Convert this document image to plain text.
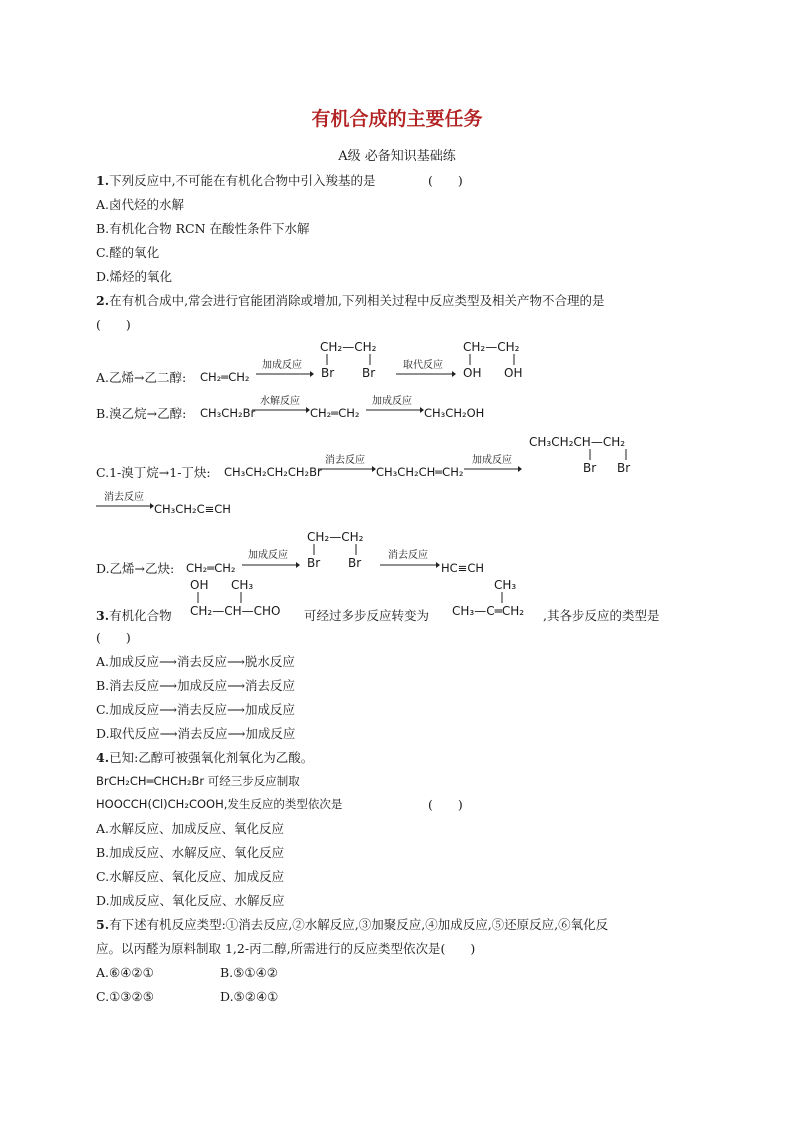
有机合成的主要任务
A级 必备知识基础练
1.下列反应中,不可能在有机化合物中引入羧基的是	(　　)
A.卤代烃的水解
B.有机化合物 RCN 在酸性条件下水解
C.醛的氧化
D.烯烃的氧化
2.在有机合成中,常会进行官能团消除或增加,下列相关过程中反应类型及相关产物不合理的是
(　　)
A.乙烯→乙二醇: CH₂═CH₂
加成反应
CH₂—CH₂
Br Br
取代反应
CH₂—CH₂
OH OH
B.溴乙烷→乙醇: CH₃CH₂Br
水解反应
CH₂═CH₂
加成反应
CH₃CH₂OH
CH₃CH₂CH—CH₂
Br Br
C.1-溴丁烷→1-丁炔: CH₃CH₂CH₂CH₂Br
消去反应
CH₃CH₂CH═CH₂
加成反应
消去反应
CH₃CH₂C≡CH
CH₂—CH₂
Br Br
D.乙烯→乙炔: CH₂═CH₂
加成反应	消去反应
HC≡CH
OH CH₃
CH₂—CH—CHO
CH₃
CH₃—C═CH₂
3.有机化合物	可经过多步反应转变为	,其各步反应的类型是
(　　)
A.加成反应⟶消去反应⟶脱水反应
B.消去反应⟶加成反应⟶消去反应
C.加成反应⟶消去反应⟶加成反应
D.取代反应⟶消去反应⟶加成反应
4.已知:乙醇可被强氧化剂氧化为乙酸。
BrCH₂CH═CHCH₂Br 可经三步反应制取
HOOCCH(Cl)CH₂COOH,发生反应的类型依次是	(　　)
A.水解反应、加成反应、氧化反应
B.加成反应、水解反应、氧化反应
C.水解反应、氧化反应、加成反应
D.加成反应、氧化反应、水解反应
5.有下述有机反应类型:①消去反应,②水解反应,③加聚反应,④加成反应,⑤还原反应,⑥氧化反
应。以丙醛为原料制取 1,2-丙二醇,所需进行的反应类型依次是(　　)
A.⑥④②①	B.⑤①④②
C.①③②⑤	D.⑤②④①
